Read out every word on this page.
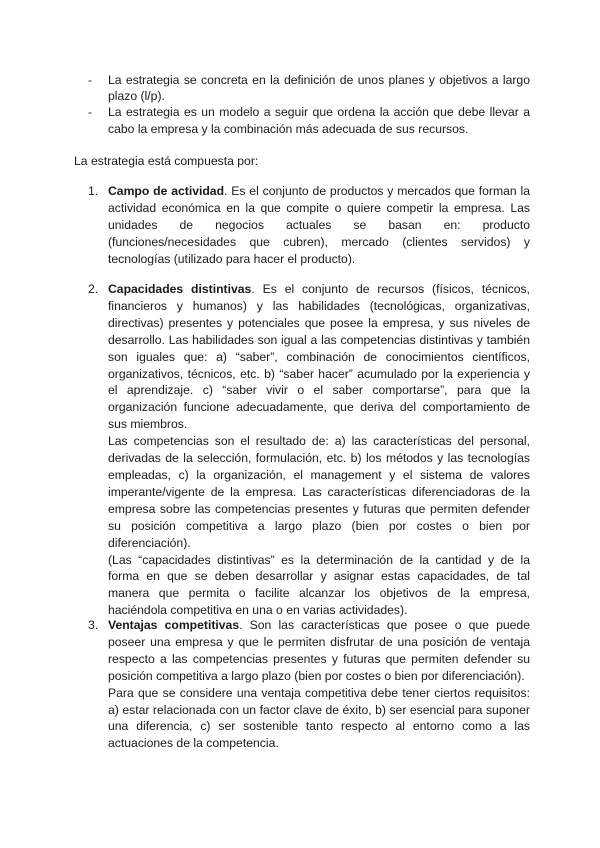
- La estrategia se concreta en la definición de unos planes y objetivos a largo plazo (l/p).
- La estrategia es un modelo a seguir que ordena la acción que debe llevar a cabo la empresa y la combinación más adecuada de sus recursos.

La estrategia está compuesta por:

1. Campo de actividad. Es el conjunto de productos y mercados que forman la actividad económica en la que compite o quiere competir la empresa. Las unidades de negocios actuales se basan en: producto (funciones/necesidades que cubren), mercado (clientes servidos) y tecnologías (utilizado para hacer el producto).

2. Capacidades distintivas. Es el conjunto de recursos (físicos, técnicos, financieros y humanos) y las habilidades (tecnológicas, organizativas, directivas) presentes y potenciales que posee la empresa, y sus niveles de desarrollo. Las habilidades son igual a las competencias distintivas y también son iguales que: a) “saber”, combinación de conocimientos científicos, organizativos, técnicos, etc. b) “saber hacer” acumulado por la experiencia y el aprendizaje. c) “saber vivir o el saber comportarse”, para que la organización funcione adecuadamente, que deriva del comportamiento de sus miembros.

Las competencias son el resultado de: a) las características del personal, derivadas de la selección, formulación, etc. b) los métodos y las tecnologías empleadas, c) la organización, el management y el sistema de valores imperante/vigente de la empresa. Las características diferenciadoras de la empresa sobre las competencias presentes y futuras que permiten defender su posición competitiva a largo plazo (bien por costes o bien por diferenciación).

(Las “capacidades distintivas” es la determinación de la cantidad y de la forma en que se deben desarrollar y asignar estas capacidades, de tal manera que permita o facilite alcanzar los objetivos de la empresa, haciéndola competitiva en una o en varias actividades).

3. Ventajas competitivas. Son las características que posee o que puede poseer una empresa y que le permiten disfrutar de una posición de ventaja respecto a las competencias presentes y futuras que permiten defender su posición competitiva a largo plazo (bien por costes o bien por diferenciación).

Para que se considere una ventaja competitiva debe tener ciertos requisitos: a) estar relacionada con un factor clave de éxito, b) ser esencial para suponer una diferencia, c) ser sostenible tanto respecto al entorno como a las actuaciones de la competencia.
